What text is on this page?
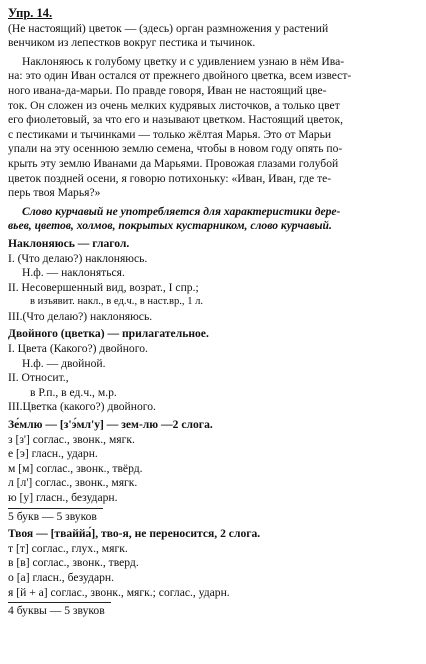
Упр. 14.
(Не настоящий) цветок — (здесь) орган размножения у растений
венчиком из лепестков вокруг пестика и тычинок.
Наклоняюсь к голубому цветку и с удивлением узнаю в нём Ива-
на: это один Иван остался от прежнего двойного цветка, всем извест-
ного ивана-да-марьи. По правде говоря, Иван не настоящий цве-
ток. Он сложен из очень мелких кудрявых листочков, а только цвет
его фиолетовый, за что его и называют цветком. Настоящий цветок,
с пестиками и тычинками — только жёлтая Марья. Это от Марьи
упали на эту осеннюю землю семена, чтобы в новом году опять по-
крыть эту землю Иванами да Марьями. Провожая глазами голубой
цветок поздней осени, я говорю потихоньку: «Иван, Иван, где те-
перь твоя Марья?»
Слово курчавый не употребляется для характеристики дере-
вьев, цветов, холмов, покрытых кустарником, слово курчавый.
Наклоняюсь — глагол.
I. (Что делаю?) наклоняюсь.
Н.ф. — наклоняться.
II. Несовершенный вид, возрат., I спр.;
в изъявит. накл., в ед.ч., в наст.вр., 1 л.
III.(Что делаю?) наклоняюсь.
Двойного (цветка) — прилагательное.
I. Цвета (Какого?) двойного.
Н.ф. — двойной.
II. Относит.,
в Р.п., в ед.ч., м.р.
III.Цветка (какого?) двойного.
Зе́млю — [з'э́мл'у] — зем-лю —2 слога.
з [з'] соглас., звонк., мягк.
е [э] гласн., ударн.
м [м] соглас., звонк., твёрд.
л [л'] соглас., звонк., мягк.
ю [у] гласн., безударн.
5 букв — 5 звуков
Твоя — [тваййа́], тво-я, не переносится, 2 слога.
т [т] соглас., глух., мягк.
в [в] соглас., звонк., тверд.
о [а] гласн., безударн.
я [й + а] соглас., звонк., мягк.; соглас., ударн.
4 буквы — 5 звуков
